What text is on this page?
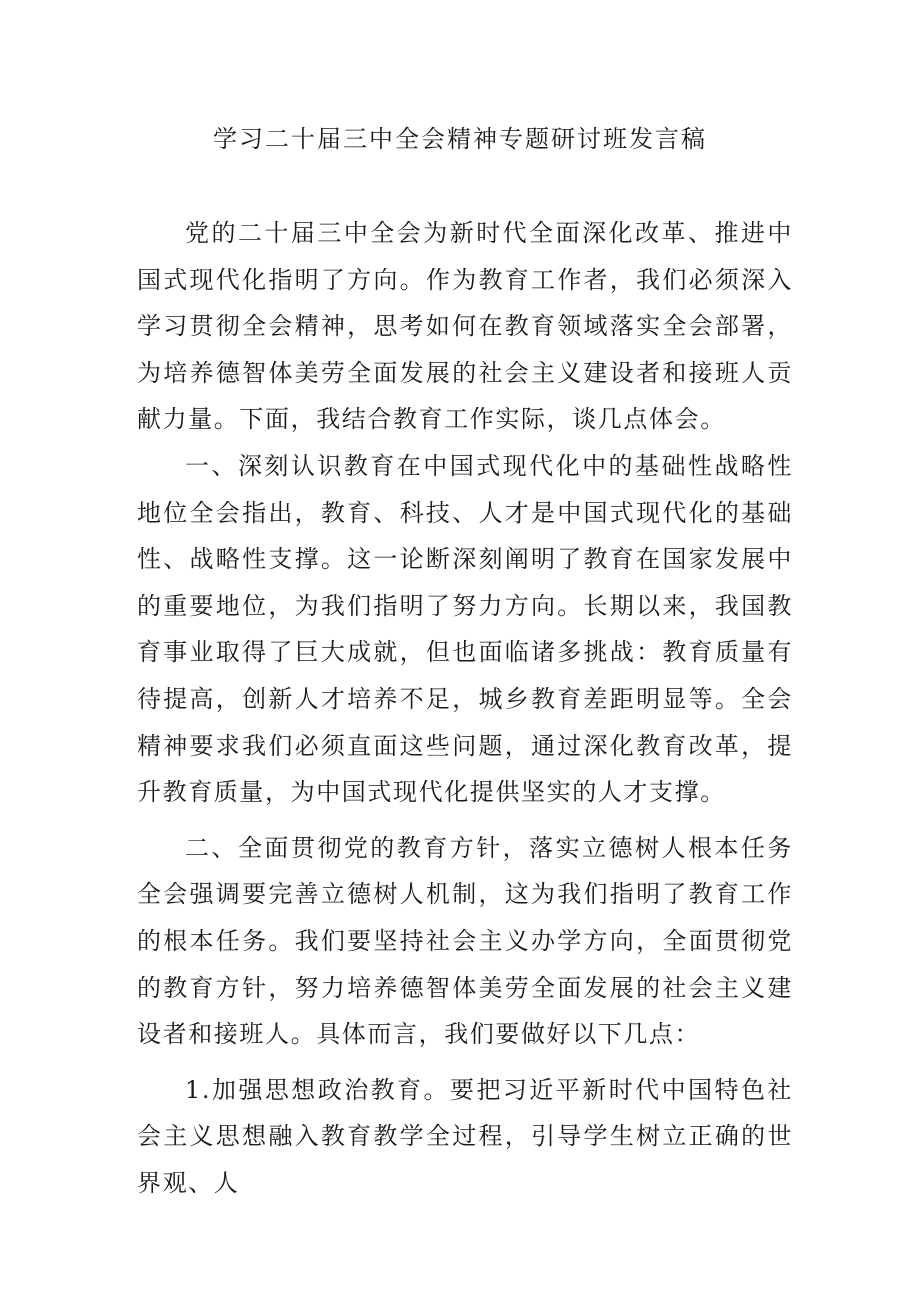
学习二十届三中全会精神专题研讨班发言稿

党的二十届三中全会为新时代全面深化改革、推进中国式现代化指明了方向。作为教育工作者，我们必须深入学习贯彻全会精神，思考如何在教育领域落实全会部署，为培养德智体美劳全面发展的社会主义建设者和接班人贡献力量。下面，我结合教育工作实际，谈几点体会。

一、深刻认识教育在中国式现代化中的基础性战略性地位全会指出，教育、科技、人才是中国式现代化的基础性、战略性支撑。这一论断深刻阐明了教育在国家发展中的重要地位，为我们指明了努力方向。长期以来，我国教育事业取得了巨大成就，但也面临诸多挑战：教育质量有待提高，创新人才培养不足，城乡教育差距明显等。全会精神要求我们必须直面这些问题，通过深化教育改革，提升教育质量，为中国式现代化提供坚实的人才支撑。

二、全面贯彻党的教育方针，落实立德树人根本任务全会强调要完善立德树人机制，这为我们指明了教育工作的根本任务。我们要坚持社会主义办学方向，全面贯彻党的教育方针，努力培养德智体美劳全面发展的社会主义建设者和接班人。具体而言，我们要做好以下几点：

1.加强思想政治教育。要把习近平新时代中国特色社会主义思想融入教育教学全过程，引导学生树立正确的世界观、人
